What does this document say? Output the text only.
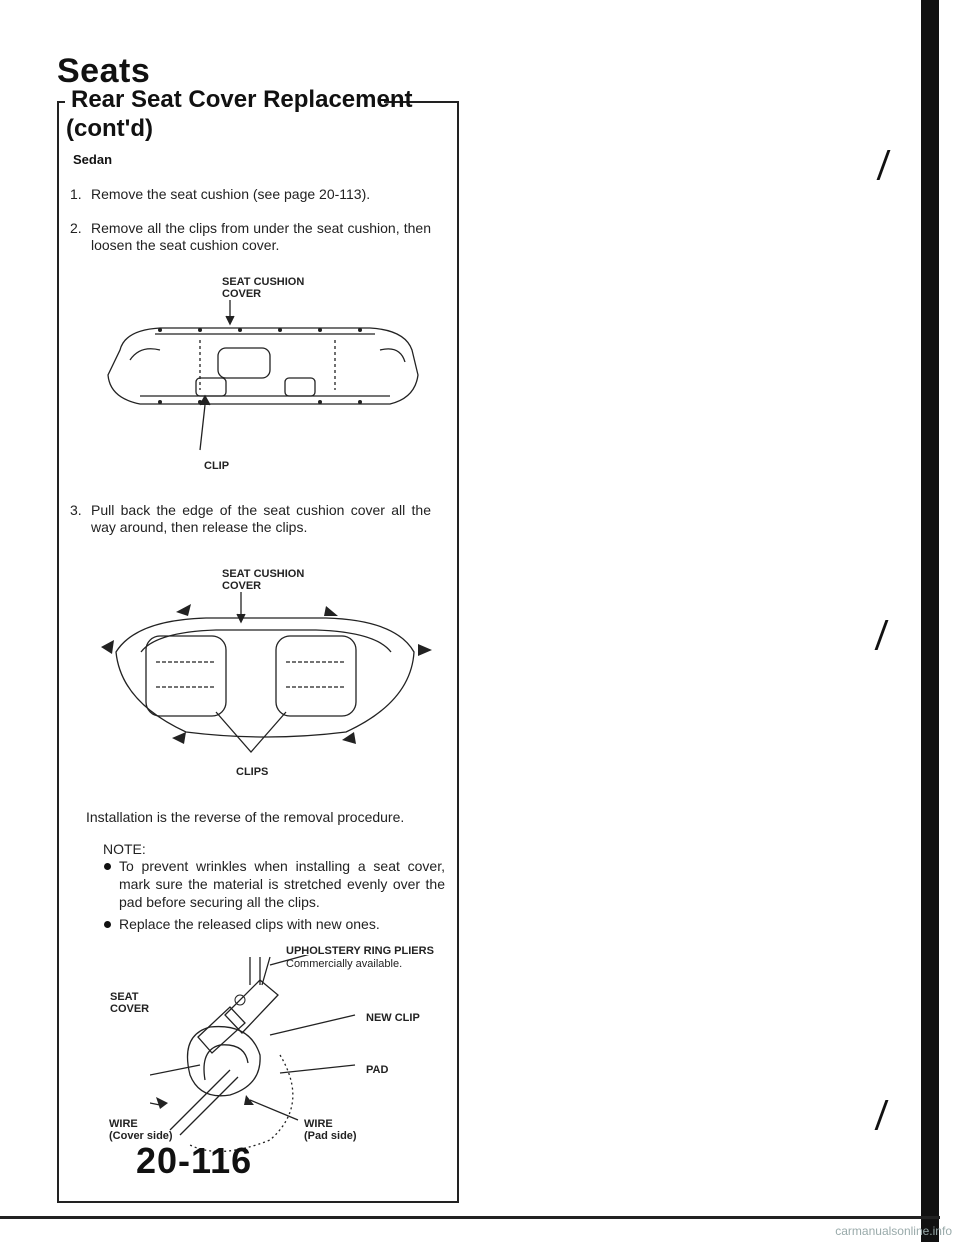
Seats
Rear Seat Cover Replacement
(cont'd)
Sedan
1. Remove the seat cushion (see page 20-113).
2. Remove all the clips from under the seat cushion, then loosen the seat cushion cover.
SEAT CUSHION
COVER
CLIP
3. Pull back the edge of the seat cushion cover all the way around, then release the clips.
SEAT CUSHION
COVER
CLIPS
Installation is the reverse of the removal procedure.
NOTE:
To prevent wrinkles when installing a seat cover, mark sure the material is stretched evenly over the pad before securing all the clips.
Replace the released clips with new ones.
UPHOLSTERY RING PLIERS
Commercially available.
SEAT
COVER
NEW CLIP
PAD
WIRE
(Cover side)
WIRE
(Pad side)
20-116
carmanualsonline.info
